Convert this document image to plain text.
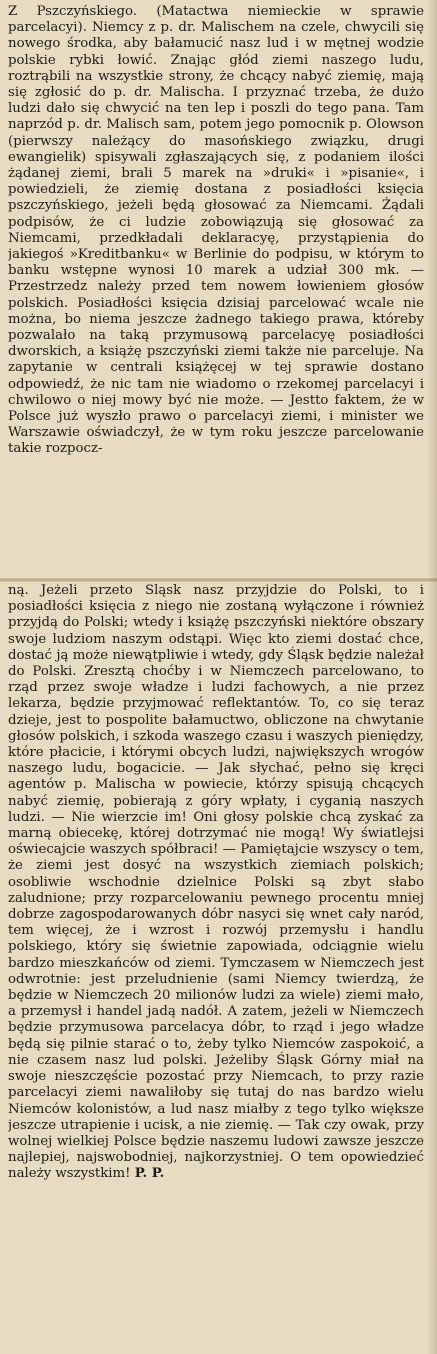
Z Pszczyńskiego. (Matactwa niemieckie w sprawie parcelacyi). Niemcy z p. dr. Malischem na czele, chwycili się nowego środka, aby bałamucić nasz lud i w mętnej wodzie polskie rybki łowić. Znając głód ziemi naszego ludu, roztrąbili na wszystkie strony, że chcący nabyć ziemię, mają się zgłosić do p. dr. Malischa. I przyznać trzeba, że dużo ludzi dało się chwycić na ten lep i poszli do tego pana. Tam naprzód p. dr. Malisch sam, potem jego pomocnik p. Olowson (pierwszy należący do masońskiego związku, drugi ewangielik) spisywali zgłaszających się, z podaniem ilości żądanej ziemi, brali 5 marek na »druki« i »pisanie«, i powiedzieli, że ziemię dostana z posiadłości księcia pszczyńskiego, jeżeli będą głosować za Niemcami. Żądali podpisów, że ci ludzie zobowiązują się głosować za Niemcami, przedkładali deklaracyę, przystąpienia do jakiegoś »Kreditbanku« w Berlinie do podpisu, w którym to banku wstępne wynosi 10 marek a udział 300 mk. — Przestrzedz należy przed tem nowem łowieniem głosów polskich. Posiadłości księcia dzisiaj parcelować wcale nie można, bo niema jeszcze żadnego takiego prawa, któreby pozwalało na taką przymusową parcelacyę posiadłości dworskich, a książę pszczyński ziemi także nie parceluje. Na zapytanie w centrali książęcej w tej sprawie dostano odpowiedź, że nic tam nie wiadomo o rzekomej parcelacyi i chwilowo o niej mowy być nie może. — Jestto faktem, że w Polsce już wyszło prawo o parcelacyi ziemi, i minister we Warszawie oświadczył, że w tym roku jeszcze parcelowanie takie rozpocz-
ną. Jeżeli przeto Śląsk nasz przyjdzie do Polski, to i posiadłości księcia z niego nie zostaną wyłączone i również przyjdą do Polski; wtedy i książę pszczyński niektóre obszary swoje ludziom naszym odstąpi. Więc kto ziemi dostać chce, dostać ją może niewątpliwie i wtedy, gdy Śląsk będzie należał do Polski. Zresztą choćby i w Niemczech parcelowano, to rząd przez swoje władze i ludzi fachowych, a nie przez lekarza, będzie przyjmować reflektantów. To, co się teraz dzieje, jest to pospolite bałamuctwo, obliczone na chwytanie głosów polskich, i szkoda waszego czasu i waszych pieniędzy, które płacicie, i którymi obcych ludzi, największych wrogów naszego ludu, bogacicie. — Jak słychać, pełno się kręci agentów p. Malischa w powiecie, którzy spisują chcących nabyć ziemię, pobierają z góry wpłaty, i cyganią naszych ludzi. — Nie wierzcie im! Oni głosy polskie chcą zyskać za marną obiecekę, której dotrzymać nie mogą! Wy światlejsi oświecajcie waszych spółbraci! — Pamiętajcie wszyscy o tem, że ziemi jest dosyć na wszystkich ziemiach polskich; osobliwie wschodnie dzielnice Polski są zbyt słabo zaludnione; przy rozparcelowaniu pewnego procentu mniej dobrze zagospodarowanych dóbr nasyci się wnet cały naród, tem więcej, że i wzrost i rozwój przemysłu i handlu polskiego, który się świetnie zapowiada, odciągnie wielu bardzo mieszkańców od ziemi. Tymczasem w Niemczech jest odwrotnie: jest przeludnienie (sami Niemcy twierdzą, że będzie w Niemczech 20 milionów ludzi za wiele) ziemi mało, a przemysł i handel jadą nadół. A zatem, jeżeli w Niemczech będzie przymusowa parcelacya dóbr, to rząd i jego władze będą się pilnie starać o to, żeby tylko Niemców zaspokoić, a nie czasem nasz lud polski. Jeżeliby Śląsk Górny miał na swoje nieszczęście pozostać przy Niemcach, to przy razie parcelacyi ziemi nawaliłoby się tutaj do nas bardzo wielu Niemców kolonistów, a lud nasz miałby z tego tylko większe jeszcze utrapienie i ucisk, a nie ziemię. — Tak czy owak, przy wolnej wielkiej Polsce będzie naszemu ludowi zawsze jeszcze najlepiej, najswobodniej, najkorzystniej. O tem opowiedzieć należy wszystkim! P. P.
